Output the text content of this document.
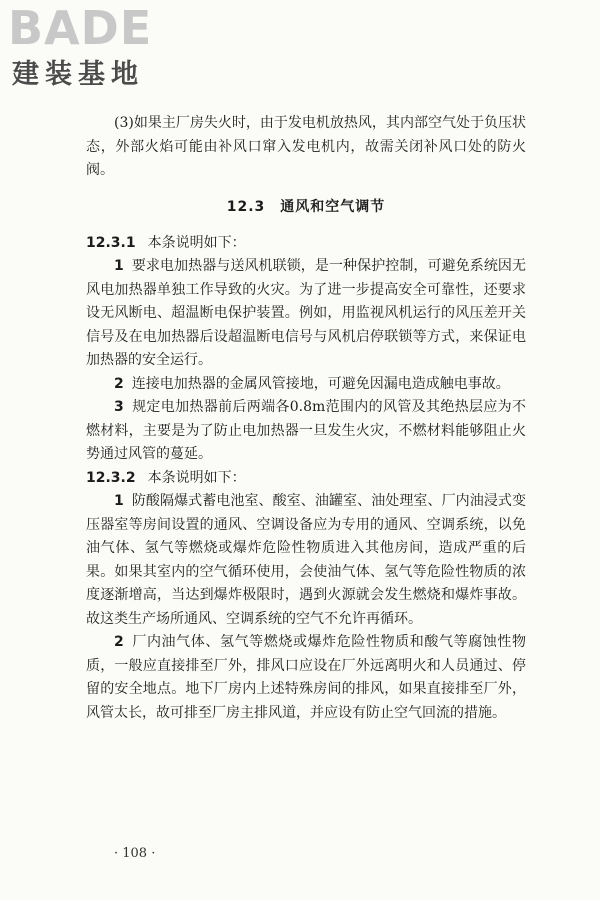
BADE
建装基地

(3)如果主厂房失火时，由于发电机放热风，其内部空气处于负压状态，外部火焰可能由补风口窜入发电机内，故需关闭补风口处的防火阀。

12.3　通风和空气调节

12.3.1 本条说明如下：

1 要求电加热器与送风机联锁，是一种保护控制，可避免系统因无风电加热器单独工作导致的火灾。为了进一步提高安全可靠性，还要求设无风断电、超温断电保护装置。例如，用监视风机运行的风压差开关信号及在电加热器后设超温断电信号与风机启停联锁等方式，来保证电加热器的安全运行。

2 连接电加热器的金属风管接地，可避免因漏电造成触电事故。

3 规定电加热器前后两端各0.8m范围内的风管及其绝热层应为不燃材料，主要是为了防止电加热器一旦发生火灾，不燃材料能够阻止火势通过风管的蔓延。

12.3.2 本条说明如下：

1 防酸隔爆式蓄电池室、酸室、油罐室、油处理室、厂内油浸式变压器室等房间设置的通风、空调设备应为专用的通风、空调系统，以免油气体、氢气等燃烧或爆炸危险性物质进入其他房间，造成严重的后果。如果其室内的空气循环使用，会使油气体、氢气等危险性物质的浓度逐渐增高，当达到爆炸极限时，遇到火源就会发生燃烧和爆炸事故。故这类生产场所通风、空调系统的空气不允许再循环。

2 厂内油气体、氢气等燃烧或爆炸危险性物质和酸气等腐蚀性物质，一般应直接排至厂外，排风口应设在厂外远离明火和人员通过、停留的安全地点。地下厂房内上述特殊房间的排风，如果直接排至厂外，风管太长，故可排至厂房主排风道，并应设有防止空气回流的措施。

· 108 ·
